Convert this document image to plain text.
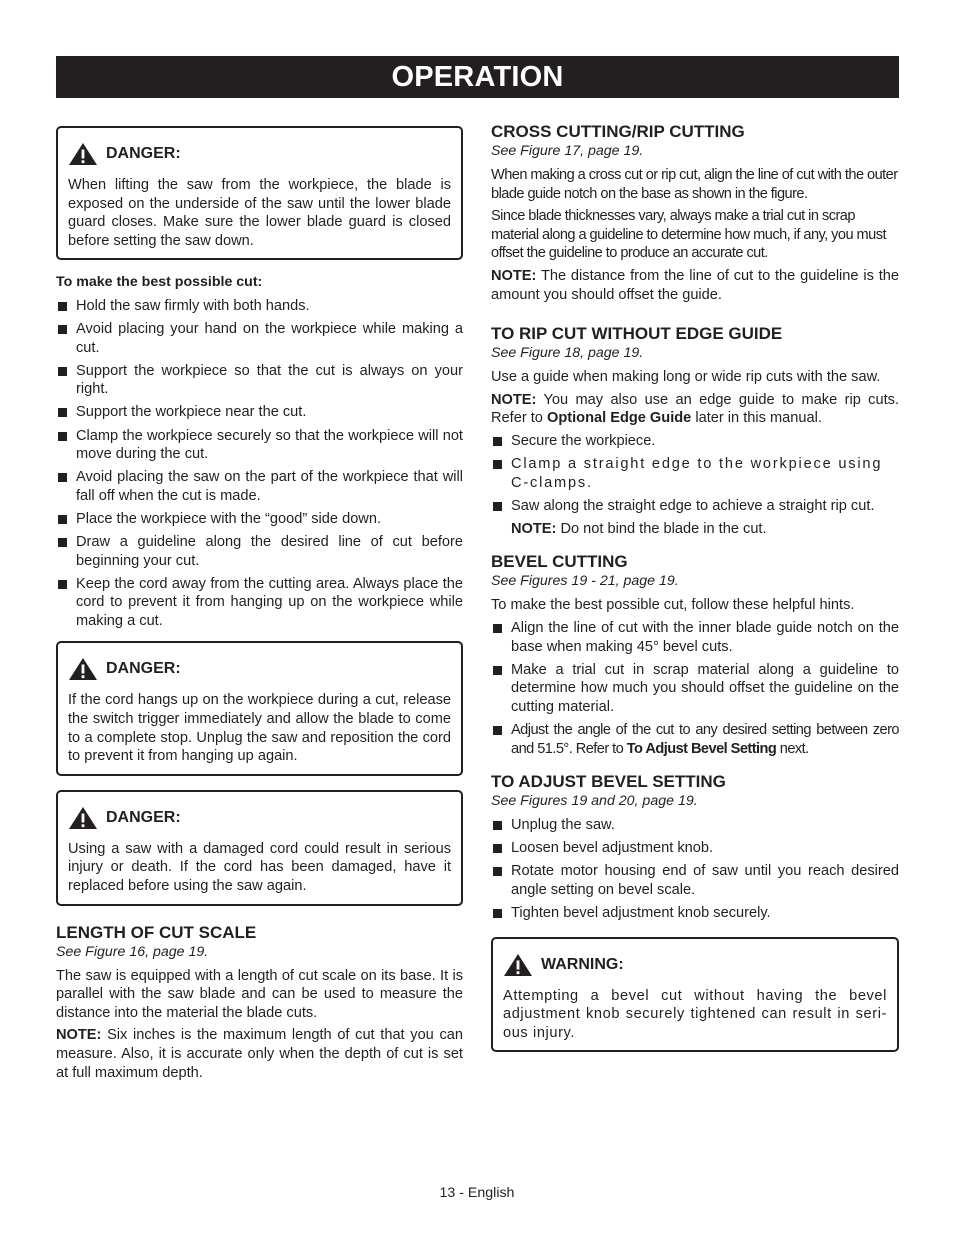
OPERATION
DANGER:

When lifting the saw from the workpiece, the blade is exposed on the underside of the saw until the lower blade guard closes. Make sure the lower blade guard is closed before setting the saw down.

To make the best possible cut:
Hold the saw firmly with both hands.
Avoid placing your hand on the workpiece while making a cut.
Support the workpiece so that the cut is always on your right.
Support the workpiece near the cut.
Clamp the workpiece securely so that the workpiece will not move during the cut.
Avoid placing the saw on the part of the workpiece that will fall off when the cut is made.
Place the workpiece with the “good” side down.
Draw a guideline along the desired line of cut before beginning your cut.
Keep the cord away from the cutting area. Always place the cord to prevent it from hanging up on the workpiece while making a cut.
DANGER:

If the cord hangs up on the workpiece during a cut, release the switch trigger immediately and allow the blade to come to a complete stop. Unplug the saw and reposition the cord to prevent it from hanging up again.

DANGER:

Using a saw with a damaged cord could result in serious injury or death. If the cord has been damaged, have it replaced before using the saw again.

LENGTH OF CUT SCALE
See Figure 16, page 19.

The saw is equipped with a length of cut scale on its base. It is parallel with the saw blade and can be used to measure the distance into the material the blade cuts.

NOTE: Six inches is the maximum length of cut that you can measure. Also, it is accurate only when the depth of cut is set at full maximum depth.

CROSS CUTTING/RIP CUTTING
See Figure 17, page 19.

When making a cross cut or rip cut, align the line of cut with the outer blade guide notch on the base as shown in the figure.

Since blade thicknesses vary, always make a trial cut in scrap material along a guideline to determine how much, if any, you must offset the guideline to produce an accurate cut.

NOTE: The distance from the line of cut to the guideline is the amount you should offset the guide.

TO RIP CUT WITHOUT EDGE GUIDE
See Figure 18, page 19.

Use a guide when making long or wide rip cuts with the saw.

NOTE: You may also use an edge guide to make rip cuts. Refer to Optional Edge Guide later in this manual.

Secure the workpiece.
Clamp a straight edge to the workpiece using C-clamps.
Saw along the straight edge to achieve a straight rip cut.

NOTE: Do not bind the blade in the cut.

BEVEL CUTTING
See Figures 19 - 21, page 19.

To make the best possible cut, follow these helpful hints.

Align the line of cut with the inner blade guide notch on the base when making 45° bevel cuts.
Make a trial cut in scrap material along a guideline to determine how much you should offset the guideline on the cutting material.
Adjust the angle of the cut to any desired setting between zero and 51.5°. Refer to To Adjust Bevel Setting next.
TO ADJUST BEVEL SETTING
See Figures 19 and 20, page 19.
Unplug the saw.
Loosen bevel adjustment knob.
Rotate motor housing end of saw until you reach desired angle setting on bevel scale.
Tighten bevel adjustment knob securely.
WARNING:

Attempting a bevel cut without having the bevel adjustment knob securely tightened can result in seri-ous injury.

13 - English
